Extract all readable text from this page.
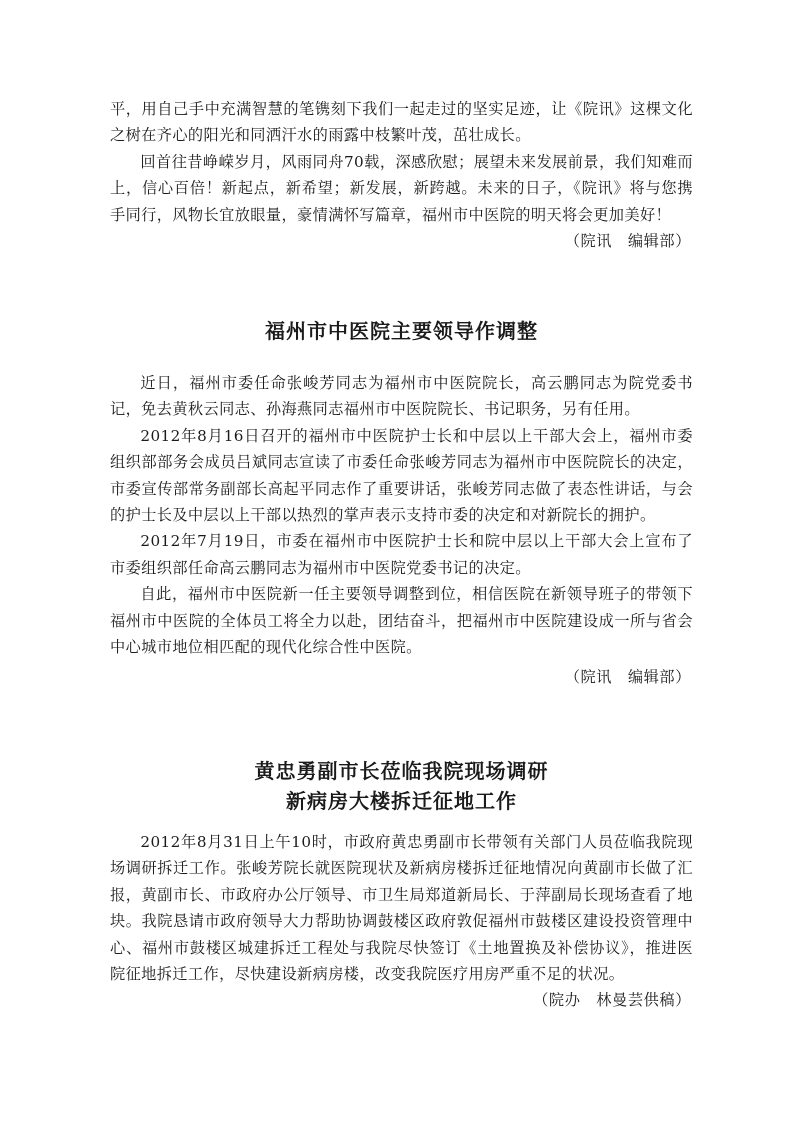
平，用自己手中充满智慧的笔镌刻下我们一起走过的坚实足迹，让《院讯》这棵文化之树在齐心的阳光和同洒汗水的雨露中枝繁叶茂，茁壮成长。

回首往昔峥嵘岁月，风雨同舟70载，深感欣慰；展望未来发展前景，我们知难而上，信心百倍！新起点，新希望；新发展，新跨越。未来的日子，《院讯》将与您携手同行，风物长宜放眼量，豪情满怀写篇章，福州市中医院的明天将会更加美好！

（院讯　编辑部）

福州市中医院主要领导作调整

近日，福州市委任命张峻芳同志为福州市中医院院长，高云鹏同志为院党委书记，免去黄秋云同志、孙海燕同志福州市中医院院长、书记职务，另有任用。

2012年8月16日召开的福州市中医院护士长和中层以上干部大会上，福州市委组织部部务会成员吕斌同志宣读了市委任命张峻芳同志为福州市中医院院长的决定，市委宣传部常务副部长高起平同志作了重要讲话，张峻芳同志做了表态性讲话，与会的护士长及中层以上干部以热烈的掌声表示支持市委的决定和对新院长的拥护。

2012年7月19日，市委在福州市中医院护士长和院中层以上干部大会上宣布了市委组织部任命高云鹏同志为福州市中医院党委书记的决定。

自此，福州市中医院新一任主要领导调整到位，相信医院在新领导班子的带领下福州市中医院的全体员工将全力以赴，团结奋斗，把福州市中医院建设成一所与省会中心城市地位相匹配的现代化综合性中医院。

（院讯　编辑部）

黄忠勇副市长莅临我院现场调研
新病房大楼拆迁征地工作

2012年8月31日上午10时，市政府黄忠勇副市长带领有关部门人员莅临我院现场调研拆迁工作。张峻芳院长就医院现状及新病房楼拆迁征地情况向黄副市长做了汇报，黄副市长、市政府办公厅领导、市卫生局郑道新局长、于萍副局长现场查看了地块。我院恳请市政府领导大力帮助协调鼓楼区政府敦促福州市鼓楼区建设投资管理中心、福州市鼓楼区城建拆迁工程处与我院尽快签订《土地置换及补偿协议》，推进医院征地拆迁工作，尽快建设新病房楼，改变我院医疗用房严重不足的状况。

（院办　林曼芸供稿）
